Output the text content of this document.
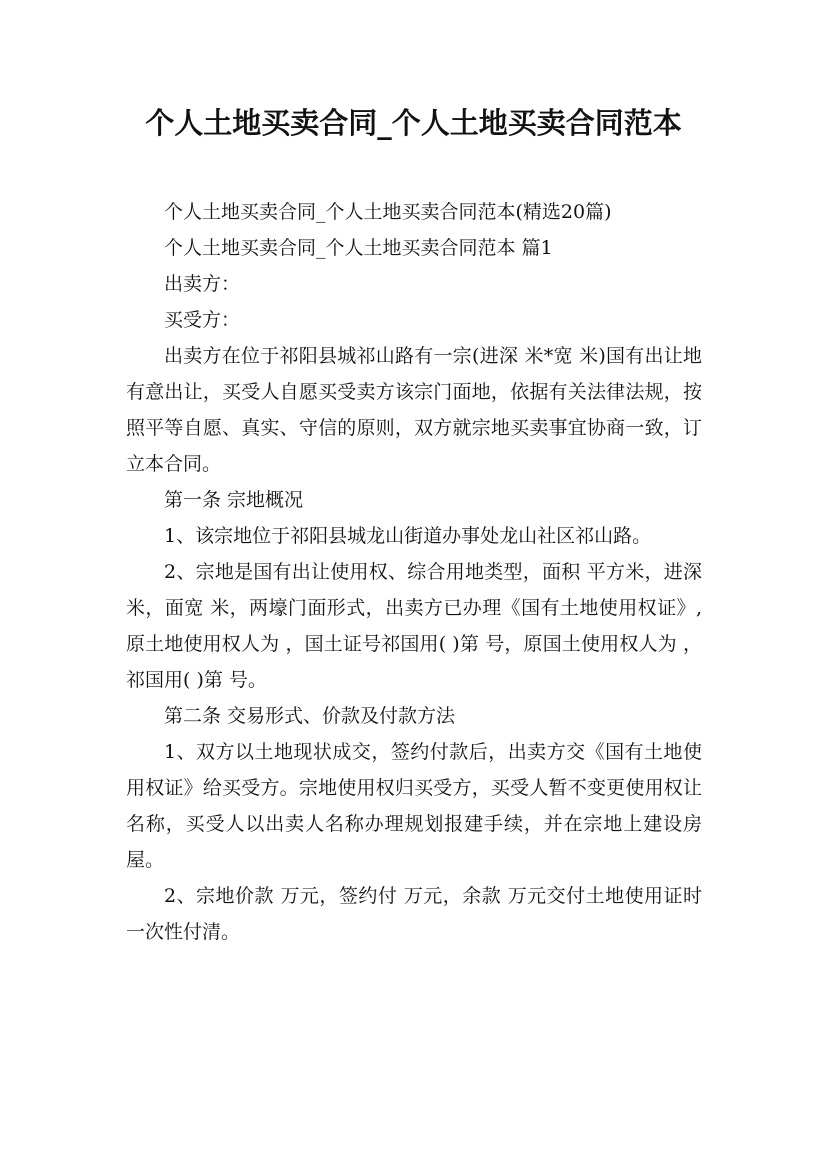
个人土地买卖合同_个人土地买卖合同范本

个人土地买卖合同_个人土地买卖合同范本(精选20篇)

个人土地买卖合同_个人土地买卖合同范本 篇1

出卖方：

买受方：

出卖方在位于祁阳县城祁山路有一宗(进深 米*宽 米)国有出让地有意出让，买受人自愿买受卖方该宗门面地，依据有关法律法规，按照平等自愿、真实、守信的原则，双方就宗地买卖事宜协商一致，订立本合同。

第一条 宗地概况

1、该宗地位于祁阳县城龙山街道办事处龙山社区祁山路。

2、宗地是国有出让使用权、综合用地类型，面积 平方米，进深 米，面宽 米，两壕门面形式，出卖方已办理《国有土地使用权证》,原土地使用权人为 ，国土证号祁国用( )第 号，原国土使用权人为 ，祁国用( )第 号。

第二条 交易形式、价款及付款方法

1、双方以土地现状成交，签约付款后，出卖方交《国有土地使用权证》给买受方。宗地使用权归买受方，买受人暂不变更使用权让名称，买受人以出卖人名称办理规划报建手续，并在宗地上建设房屋。

2、宗地价款 万元，签约付 万元，余款 万元交付土地使用证时一次性付清。
